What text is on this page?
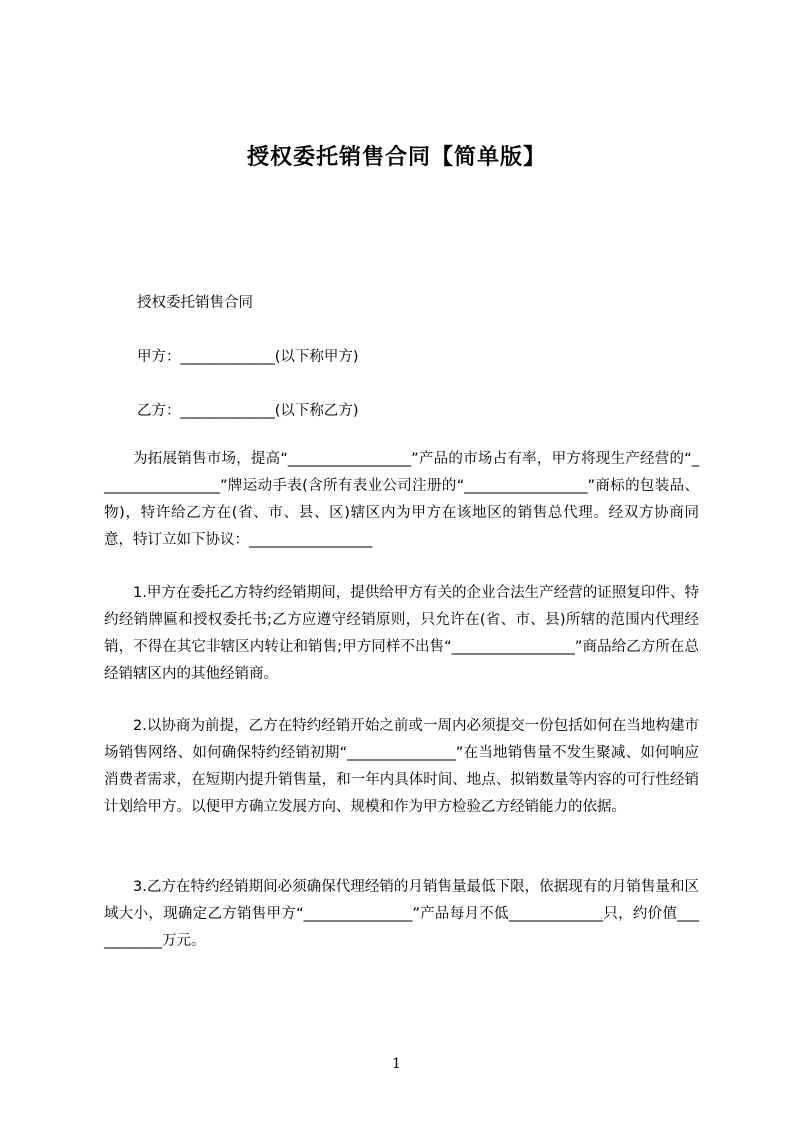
授权委托销售合同【简单版】
授权委托销售合同
甲方：_____________(以下称甲方)
乙方：_____________(以下称乙方)
为拓展销售市场，提高“_________________”产品的市场占有率，甲方将现生产经营的“_________________”牌运动手表(含所有表业公司注册的“_________________”商标的包装品、物)，特许给乙方在(省、市、县、区)辖区内为甲方在该地区的销售总代理。经双方协商同意，特订立如下协议：_________________
1.甲方在委托乙方特约经销期间，提供给甲方有关的企业合法生产经营的证照复印件、特约经销牌匾和授权委托书;乙方应遵守经销原则，只允许在(省、市、县)所辖的范围内代理经销，不得在其它非辖区内转让和销售;甲方同样不出售“_________________”商品给乙方所在总经销辖区内的其他经销商。
2.以协商为前提，乙方在特约经销开始之前或一周内必须提交一份包括如何在当地构建市场销售网络、如何确保特约经销初期“_______________”在当地销售量不发生聚减、如何响应消费者需求，在短期内提升销售量，和一年内具体时间、地点、拟销数量等内容的可行性经销计划给甲方。以便甲方确立发展方向、规模和作为甲方检验乙方经销能力的依据。
3.乙方在特约经销期间必须确保代理经销的月销售量最低下限，依据现有的月销售量和区域大小，现确定乙方销售甲方“_______________”产品每月不低_____________只，约价值___________万元。
1
